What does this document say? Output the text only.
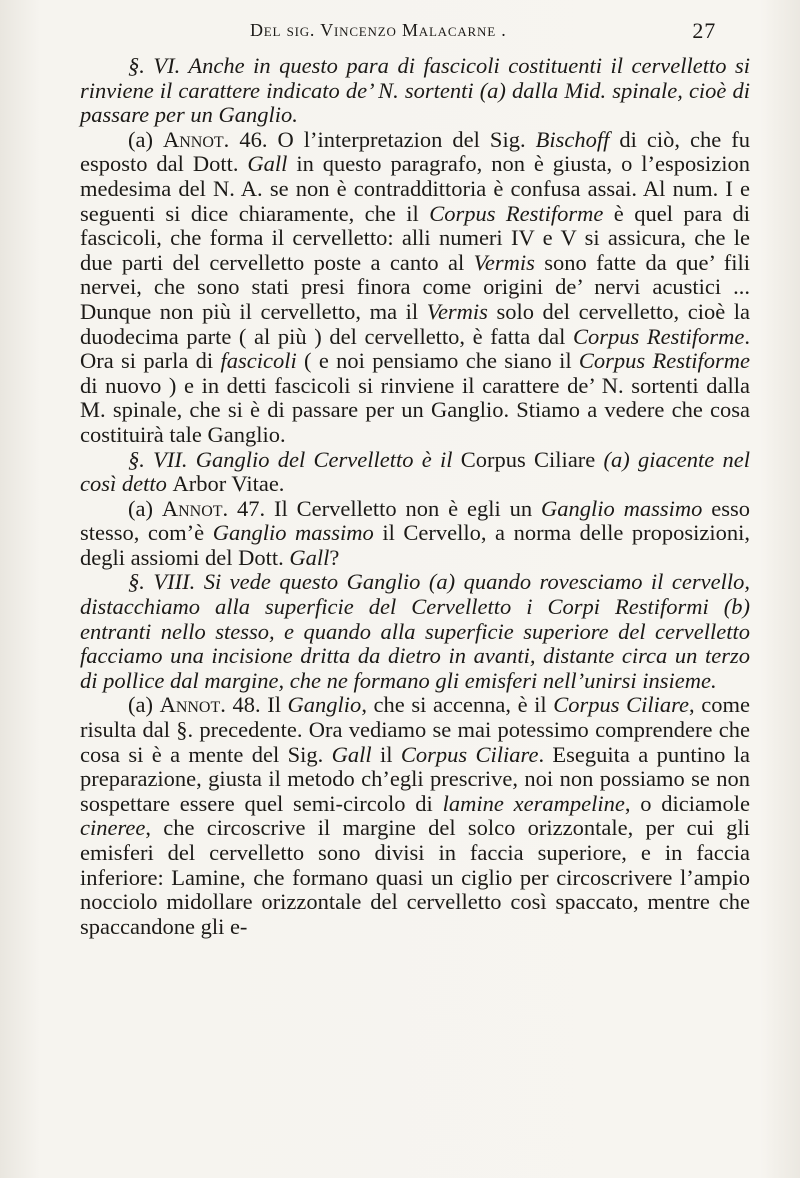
Del sig. Vincenzo Malacarne .	27

§. VI. Anche in questo para di fascicoli costituenti il cervelletto si rinviene il carattere indicato de’ N. sortenti (a) dalla Mid. spinale, cioè di passare per un Ganglio.

(a) Annot. 46. O l’interpretazion del Sig. Bischoff di ciò, che fu esposto dal Dott. Gall in questo paragrafo, non è giusta, o l’esposizion medesima del N. A. se non è contraddittoria è confusa assai. Al num. I e seguenti si dice chiaramente, che il Corpus Restiforme è quel para di fascicoli, che forma il cervelletto: alli numeri IV e V si assicura, che le due parti del cervelletto poste a canto al Vermis sono fatte da que’ fili nervei, che sono stati presi finora come origini de’ nervi acustici ... Dunque non più il cervelletto, ma il Vermis solo del cervelletto, cioè la duodecima parte ( al più ) del cervelletto, è fatta dal Corpus Restiforme. Ora si parla di fascicoli ( e noi pensiamo che siano il Corpus Restiforme di nuovo ) e in detti fascicoli si rinviene il carattere de’ N. sortenti dalla M. spinale, che si è di passare per un Ganglio. Stiamo a vedere che cosa costituirà tale Ganglio.

§. VII. Ganglio del Cervelletto è il Corpus Ciliare (a) giacente nel così detto Arbor Vitae.

(a) Annot. 47. Il Cervelletto non è egli un Ganglio massimo esso stesso, com’è Ganglio massimo il Cervello, a norma delle proposizioni, degli assiomi del Dott. Gall?

§. VIII. Si vede questo Ganglio (a) quando rovesciamo il cervello, distacchiamo alla superficie del Cervelletto i Corpi Restiformi (b) entranti nello stesso, e quando alla superficie superiore del cervelletto facciamo una incisione dritta da dietro in avanti, distante circa un terzo di pollice dal margine, che ne formano gli emisferi nell’unirsi insieme.

(a) Annot. 48. Il Ganglio, che si accenna, è il Corpus Ciliare, come risulta dal §. precedente. Ora vediamo se mai potessimo comprendere che cosa si è a mente del Sig. Gall il Corpus Ciliare. Eseguita a puntino la preparazione, giusta il metodo ch’egli prescrive, noi non possiamo se non sospettare essere quel semi-circolo di lamine xerampeline, o diciamole cineree, che circoscrive il margine del solco orizzontale, per cui gli emisferi del cervelletto sono divisi in faccia superiore, e in faccia inferiore: Lamine, che formano quasi un ciglio per circoscrivere l’ampio nocciolo midollare orizzontale del cervelletto così spaccato, mentre che spaccandone gli e-
